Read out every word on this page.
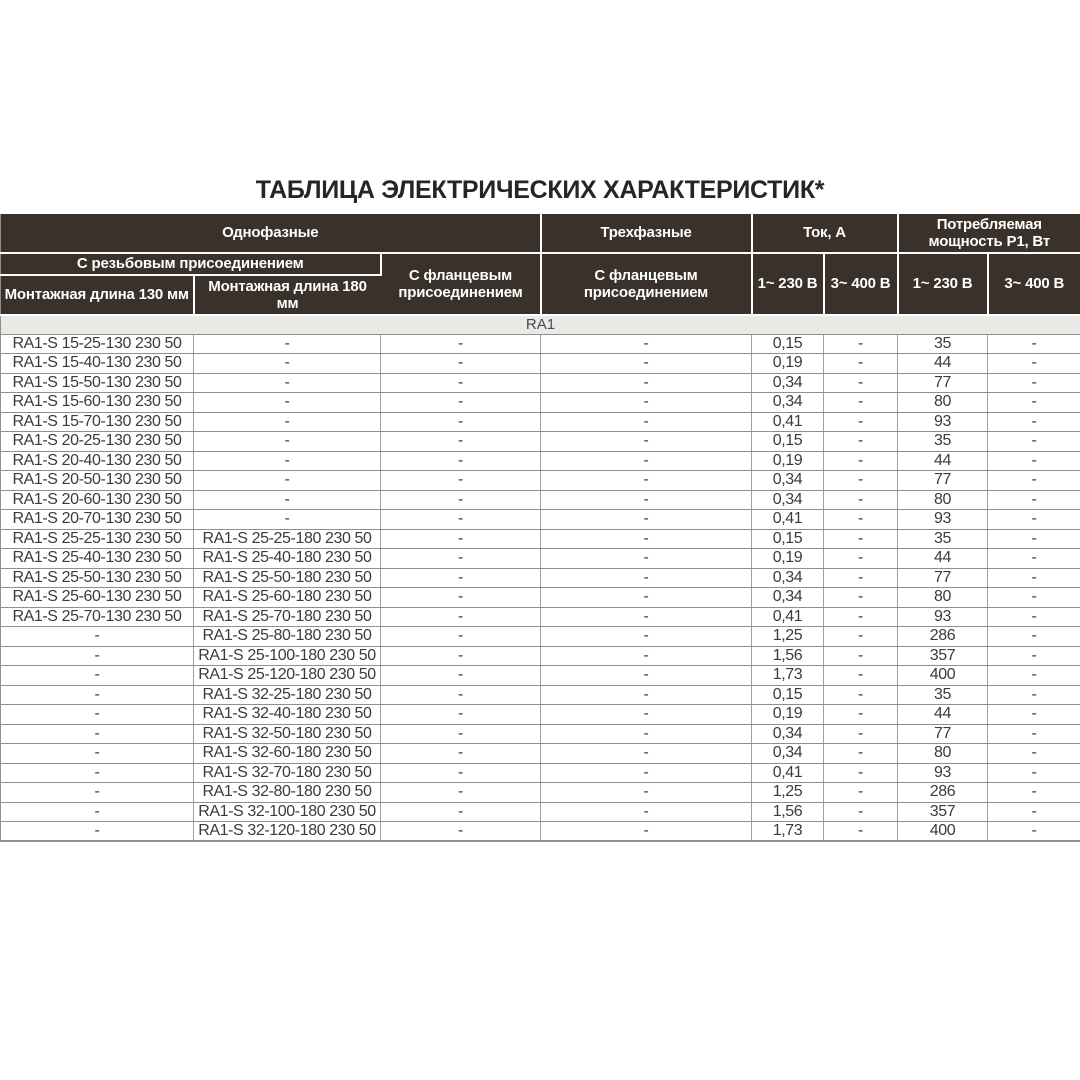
ТАБЛИЦА ЭЛЕКТРИЧЕСКИХ ХАРАКТЕРИСТИК*
Однофазные			Трехфазные	Ток, А		Потребляемая мощность P1, Вт	
С резьбовым присоединением		С фланцевым присоединением	С фланцевым присоединением	1~ 230 В	3~ 400 В	1~ 230 В	3~ 400 В
Монтажная длина 130 мм	Монтажная длина 180 мм						
RA1							
RA1-S 15-25-130 230 50	-	-	-	0,15	-	35	-
RA1-S 15-40-130 230 50	-	-	-	0,19	-	44	-
RA1-S 15-50-130 230 50	-	-	-	0,34	-	77	-
RA1-S 15-60-130 230 50	-	-	-	0,34	-	80	-
RA1-S 15-70-130 230 50	-	-	-	0,41	-	93	-
RA1-S 20-25-130 230 50	-	-	-	0,15	-	35	-
RA1-S 20-40-130 230 50	-	-	-	0,19	-	44	-
RA1-S 20-50-130 230 50	-	-	-	0,34	-	77	-
RA1-S 20-60-130 230 50	-	-	-	0,34	-	80	-
RA1-S 20-70-130 230 50	-	-	-	0,41	-	93	-
RA1-S 25-25-130 230 50	RA1-S 25-25-180 230 50	-	-	0,15	-	35	-
RA1-S 25-40-130 230 50	RA1-S 25-40-180 230 50	-	-	0,19	-	44	-
RA1-S 25-50-130 230 50	RA1-S 25-50-180 230 50	-	-	0,34	-	77	-
RA1-S 25-60-130 230 50	RA1-S 25-60-180 230 50	-	-	0,34	-	80	-
RA1-S 25-70-130 230 50	RA1-S 25-70-180 230 50	-	-	0,41	-	93	-
-	RA1-S 25-80-180 230 50	-	-	1,25	-	286	-
-	RA1-S 25-100-180 230 50	-	-	1,56	-	357	-
-	RA1-S 25-120-180 230 50	-	-	1,73	-	400	-
-	RA1-S 32-25-180 230 50	-	-	0,15	-	35	-
-	RA1-S 32-40-180 230 50	-	-	0,19	-	44	-
-	RA1-S 32-50-180 230 50	-	-	0,34	-	77	-
-	RA1-S 32-60-180 230 50	-	-	0,34	-	80	-
-	RA1-S 32-70-180 230 50	-	-	0,41	-	93	-
-	RA1-S 32-80-180 230 50	-	-	1,25	-	286	-
-	RA1-S 32-100-180 230 50	-	-	1,56	-	357	-
-	RA1-S 32-120-180 230 50	-	-	1,73	-	400	-
